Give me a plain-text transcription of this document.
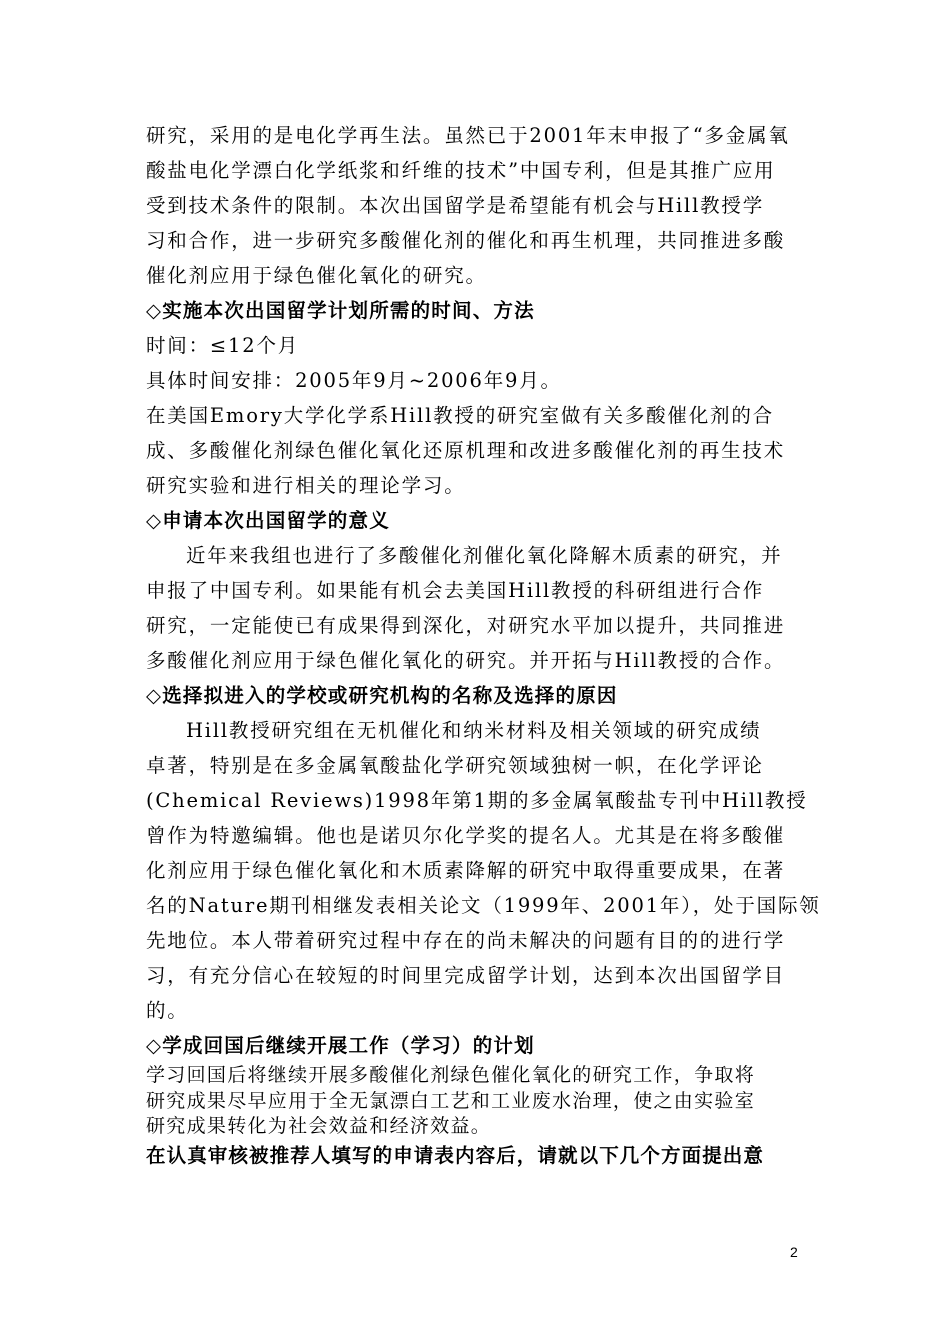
研究，采用的是电化学再生法。虽然已于2001年末申报了“多金属氧
酸盐电化学漂白化学纸浆和纤维的技术”中国专利，但是其推广应用
受到技术条件的限制。本次出国留学是希望能有机会与Hill教授学
习和合作，进一步研究多酸催化剂的催化和再生机理，共同推进多酸
催化剂应用于绿色催化氧化的研究。
◇实施本次出国留学计划所需的时间、方法
时间：≤12个月
具体时间安排：2005年9月~2006年9月。
在美国Emory大学化学系Hill教授的研究室做有关多酸催化剂的合
成、多酸催化剂绿色催化氧化还原机理和改进多酸催化剂的再生技术
研究实验和进行相关的理论学习。
◇申请本次出国留学的意义
近年来我组也进行了多酸催化剂催化氧化降解木质素的研究，并
申报了中国专利。如果能有机会去美国Hill教授的科研组进行合作
研究，一定能使已有成果得到深化，对研究水平加以提升，共同推进
多酸催化剂应用于绿色催化氧化的研究。并开拓与Hill教授的合作。
◇选择拟进入的学校或研究机构的名称及选择的原因
Hill教授研究组在无机催化和纳米材料及相关领域的研究成绩
卓著，特别是在多金属氧酸盐化学研究领域独树一帜，在化学评论
(Chemical Reviews)1998年第1期的多金属氧酸盐专刊中Hill教授
曾作为特邀编辑。他也是诺贝尔化学奖的提名人。尤其是在将多酸催
化剂应用于绿色催化氧化和木质素降解的研究中取得重要成果，在著
名的Nature期刊相继发表相关论文（1999年、2001年），处于国际领
先地位。本人带着研究过程中存在的尚未解决的问题有目的的进行学
习，有充分信心在较短的时间里完成留学计划，达到本次出国留学目
的。
◇学成回国后继续开展工作（学习）的计划
学习回国后将继续开展多酸催化剂绿色催化氧化的研究工作，争取将
研究成果尽早应用于全无氯漂白工艺和工业废水治理，使之由实验室
研究成果转化为社会效益和经济效益。
在认真审核被推荐人填写的申请表内容后，请就以下几个方面提出意
2
